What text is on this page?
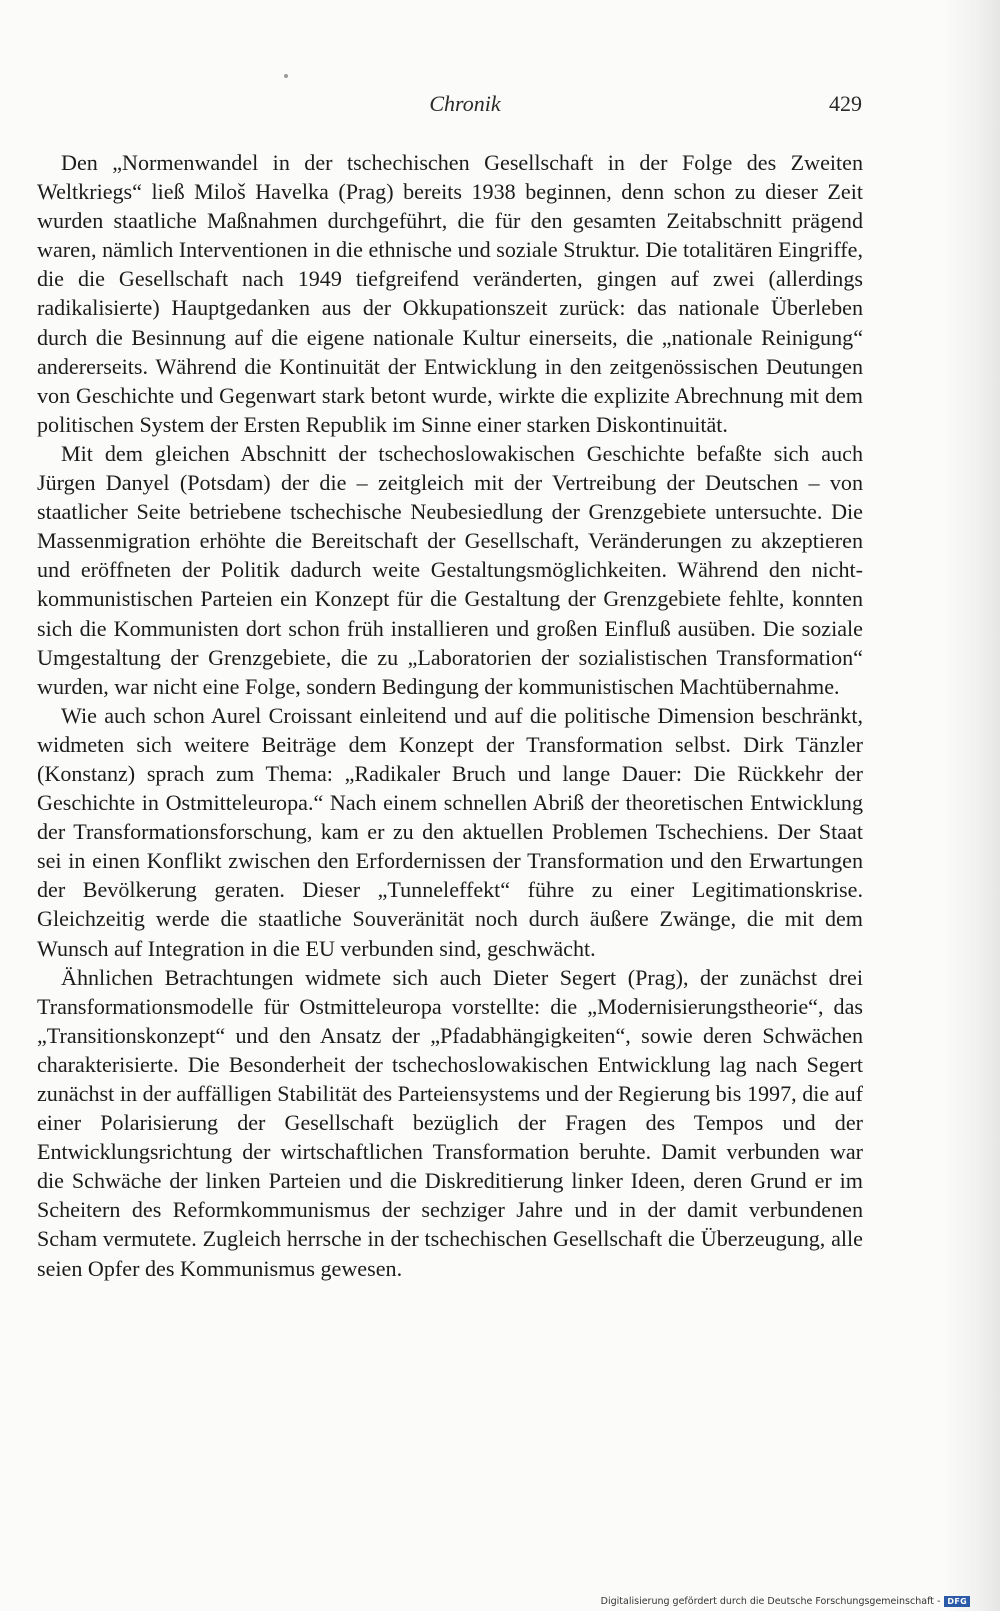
Chronik	429

Den „Normenwandel in der tschechischen Gesellschaft in der Folge des Zweiten Weltkriegs“ ließ Miloš Havelka (Prag) bereits 1938 beginnen, denn schon zu dieser Zeit wurden staatliche Maßnahmen durchgeführt, die für den gesamten Zeitabschnitt prägend waren, nämlich Interventionen in die ethnische und soziale Struktur. Die totalitären Eingriffe, die die Gesellschaft nach 1949 tiefgreifend veränderten, gingen auf zwei (allerdings radikalisierte) Hauptgedanken aus der Okkupationszeit zurück: das nationale Überleben durch die Besinnung auf die eigene nationale Kultur einerseits, die „nationale Reinigung“ andererseits. Während die Kontinuität der Entwicklung in den zeitgenössischen Deutungen von Geschichte und Gegenwart stark betont wurde, wirkte die explizite Abrechnung mit dem politischen System der Ersten Republik im Sinne einer starken Diskontinuität.

Mit dem gleichen Abschnitt der tschechoslowakischen Geschichte befaßte sich auch Jürgen Danyel (Potsdam) der die – zeitgleich mit der Vertreibung der Deutschen – von staatlicher Seite betriebene tschechische Neubesiedlung der Grenzgebiete untersuchte. Die Massenmigration erhöhte die Bereitschaft der Gesellschaft, Veränderungen zu akzeptieren und eröffneten der Politik dadurch weite Gestaltungsmöglichkeiten. Während den nicht-kommunistischen Parteien ein Konzept für die Gestaltung der Grenzgebiete fehlte, konnten sich die Kommunisten dort schon früh installieren und großen Einfluß ausüben. Die soziale Umgestaltung der Grenzgebiete, die zu „Laboratorien der sozialistischen Transformation“ wurden, war nicht eine Folge, sondern Bedingung der kommunistischen Machtübernahme.

Wie auch schon Aurel Croissant einleitend und auf die politische Dimension beschränkt, widmeten sich weitere Beiträge dem Konzept der Transformation selbst. Dirk Tänzler (Konstanz) sprach zum Thema: „Radikaler Bruch und lange Dauer: Die Rückkehr der Geschichte in Ostmitteleuropa.“ Nach einem schnellen Abriß der theoretischen Entwicklung der Transformationsforschung, kam er zu den aktuellen Problemen Tschechiens. Der Staat sei in einen Konflikt zwischen den Erfordernissen der Transformation und den Erwartungen der Bevölkerung geraten. Dieser „Tunneleffekt“ führe zu einer Legitimationskrise. Gleichzeitig werde die staatliche Souveränität noch durch äußere Zwänge, die mit dem Wunsch auf Integration in die EU verbunden sind, geschwächt.

Ähnlichen Betrachtungen widmete sich auch Dieter Segert (Prag), der zunächst drei Transformationsmodelle für Ostmitteleuropa vorstellte: die „Modernisierungstheorie“, das „Transitionskonzept“ und den Ansatz der „Pfadabhängigkeiten“, sowie deren Schwächen charakterisierte. Die Besonderheit der tschechoslowakischen Entwicklung lag nach Segert zunächst in der auffälligen Stabilität des Parteiensystems und der Regierung bis 1997, die auf einer Polarisierung der Gesellschaft bezüglich der Fragen des Tempos und der Entwicklungsrichtung der wirtschaftlichen Transformation beruhte. Damit verbunden war die Schwäche der linken Parteien und die Diskreditierung linker Ideen, deren Grund er im Scheitern des Reformkommunismus der sechziger Jahre und in der damit verbundenen Scham vermutete. Zugleich herrsche in der tschechischen Gesellschaft die Überzeugung, alle seien Opfer des Kommunismus gewesen.

Digitalisierung gefördert durch die Deutsche Forschungsgemeinschaft - DFG
